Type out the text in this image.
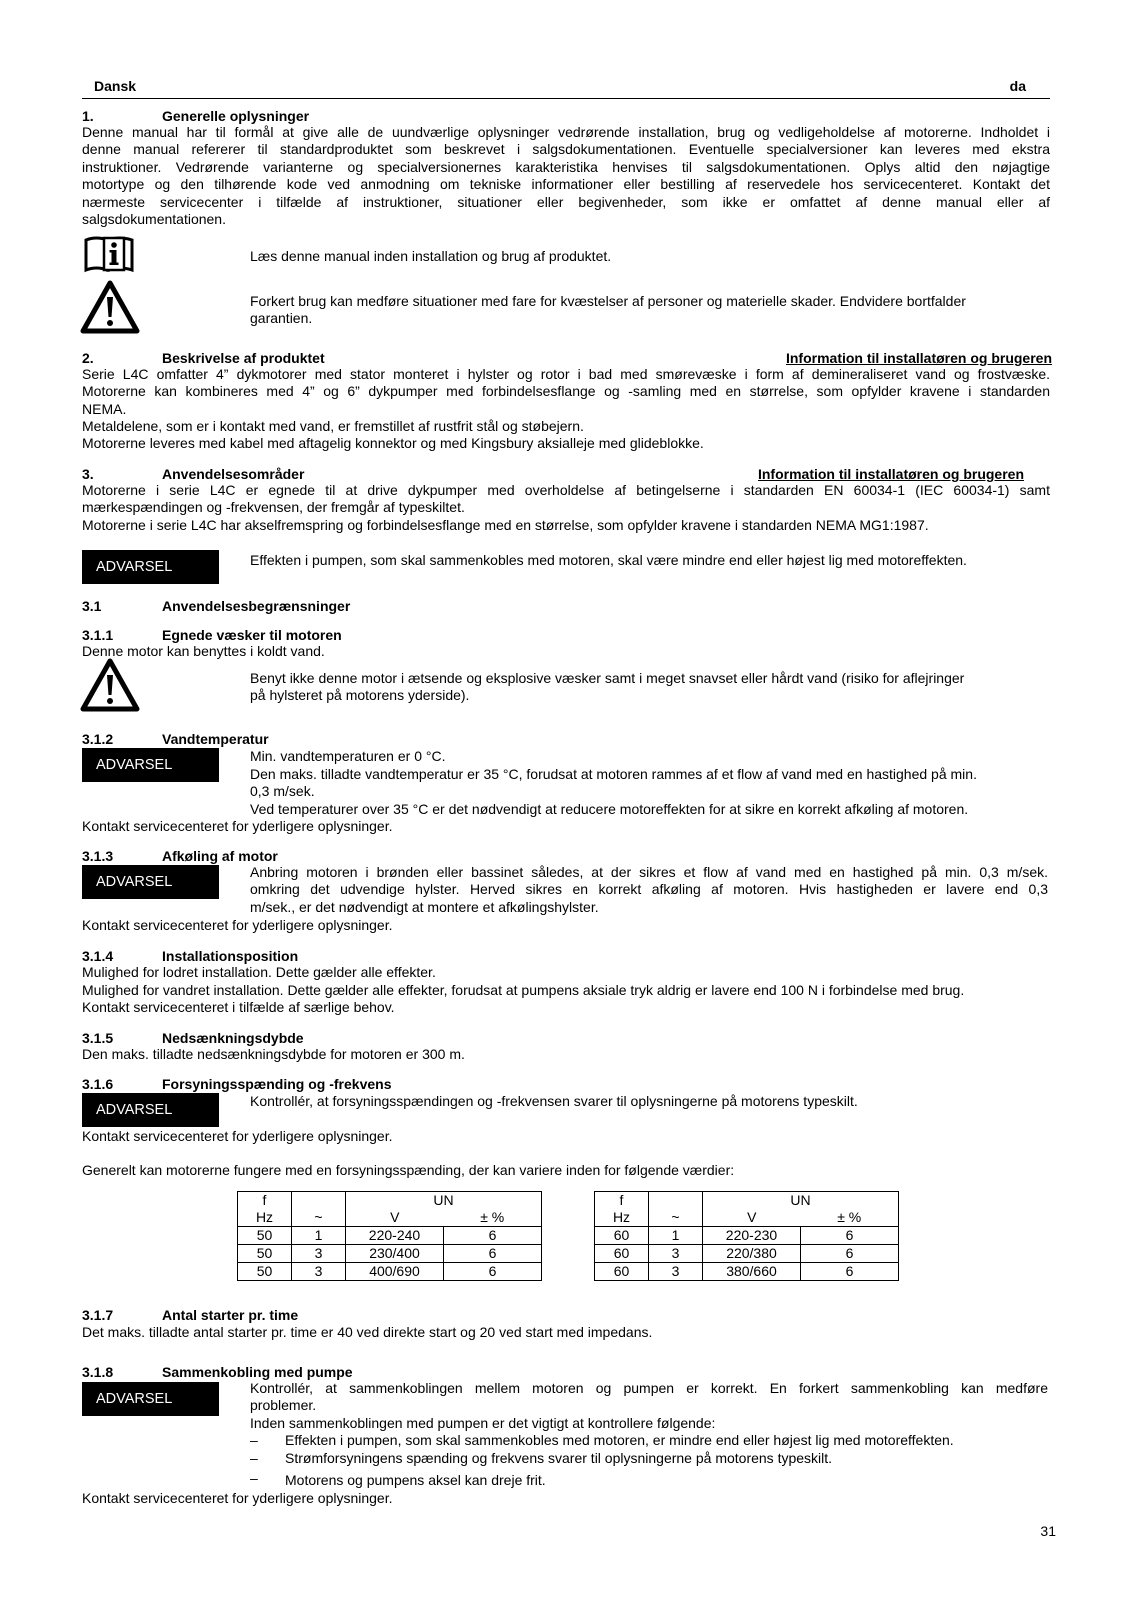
Dansk	da
1.	Generelle oplysninger
Denne manual har til formål at give alle de uundværlige oplysninger vedrørende installation, brug og vedligeholdelse af motorerne. Indholdet i
denne manual refererer til standardproduktet som beskrevet i salgsdokumentationen. Eventuelle specialversioner kan leveres med ekstra
instruktioner. Vedrørende varianterne og specialversionernes karakteristika henvises til salgsdokumentationen. Oplys altid den nøjagtige
motortype og den tilhørende kode ved anmodning om tekniske informationer eller bestilling af reservedele hos servicecenteret. Kontakt det
nærmeste servicecenter i tilfælde af instruktioner, situationer eller begivenheder, som ikke er omfattet af denne manual eller af
salgsdokumentationen.
Læs denne manual inden installation og brug af produktet.
Forkert brug kan medføre situationer med fare for kvæstelser af personer og materielle skader. Endvidere bortfalder
garantien.
2.	Beskrivelse af produktet	Information til installatøren og brugeren
Serie L4C omfatter 4” dykmotorer med stator monteret i hylster og rotor i bad med smørevæske i form af demineraliseret vand og frostvæske.
Motorerne kan kombineres med 4” og 6” dykpumper med forbindelsesflange og -samling med en størrelse, som opfylder kravene i standarden
NEMA.
Metaldelene, som er i kontakt med vand, er fremstillet af rustfrit stål og støbejern.
Motorerne leveres med kabel med aftagelig konnektor og med Kingsbury aksialleje med glideblokke.
3.	Anvendelsesområder	Information til installatøren og brugeren
Motorerne i serie L4C er egnede til at drive dykpumper med overholdelse af betingelserne i standarden EN 60034-1 (IEC 60034-1) samt
mærkespændingen og -frekvensen, der fremgår af typeskiltet.
Motorerne i serie L4C har akselfremspring og forbindelsesflange med en størrelse, som opfylder kravene i standarden NEMA MG1:1987.
ADVARSEL	Effekten i pumpen, som skal sammenkobles med motoren, skal være mindre end eller højest lig med motoreffekten.
3.1	Anvendelsesbegrænsninger
3.1.1	Egnede væsker til motoren
Denne motor kan benyttes i koldt vand.
Benyt ikke denne motor i ætsende og eksplosive væsker samt i meget snavset eller hårdt vand (risiko for aflejringer
på hylsteret på motorens yderside).
3.1.2	Vandtemperatur
ADVARSEL
Min. vandtemperaturen er 0 °C.
Den maks. tilladte vandtemperatur er 35 °C, forudsat at motoren rammes af et flow af vand med en hastighed på min.
0,3 m/sek.
Ved temperaturer over 35 °C er det nødvendigt at reducere motoreffekten for at sikre en korrekt afkøling af motoren.
Kontakt servicecenteret for yderligere oplysninger.
3.1.3	Afkøling af motor
ADVARSEL
Anbring motoren i brønden eller bassinet således, at der sikres et flow af vand med en hastighed på min. 0,3 m/sek.
omkring det udvendige hylster. Herved sikres en korrekt afkøling af motoren. Hvis hastigheden er lavere end 0,3
m/sek., er det nødvendigt at montere et afkølingshylster.
Kontakt servicecenteret for yderligere oplysninger.
3.1.4	Installationsposition
Mulighed for lodret installation. Dette gælder alle effekter.
Mulighed for vandret installation. Dette gælder alle effekter, forudsat at pumpens aksiale tryk aldrig er lavere end 100 N i forbindelse med brug.
Kontakt servicecenteret i tilfælde af særlige behov.
3.1.5	Nedsænkningsdybde
Den maks. tilladte nedsænkningsdybde for motoren er 300 m.
3.1.6	Forsyningsspænding og -frekvens
ADVARSEL
Kontrollér, at forsyningsspændingen og -frekvensen svarer til oplysningerne på motorens typeskilt.
Kontakt servicecenteret for yderligere oplysninger.
Generelt kan motorerne fungere med en forsyningsspænding, der kan variere inden for følgende værdier:
f		UN	
Hz	~	V	± %
50	1	220-240	6
50	3	230/400	6
50	3	400/690	6
f		UN	
Hz	~	V	± %
60	1	220-230	6
60	3	220/380	6
60	3	380/660	6
3.1.7	Antal starter pr. time
Det maks. tilladte antal starter pr. time er 40 ved direkte start og 20 ved start med impedans.
3.1.8	Sammenkobling med pumpe
ADVARSEL
Kontrollér, at sammenkoblingen mellem motoren og pumpen er korrekt. En forkert sammenkobling kan medføre
problemer.
Inden sammenkoblingen med pumpen er det vigtigt at kontrollere følgende:
– Effekten i pumpen, som skal sammenkobles med motoren, er mindre end eller højest lig med motoreffekten.
– Strømforsyningens spænding og frekvens svarer til oplysningerne på motorens typeskilt.
– Motorens og pumpens aksel kan dreje frit.
Kontakt servicecenteret for yderligere oplysninger.
31
